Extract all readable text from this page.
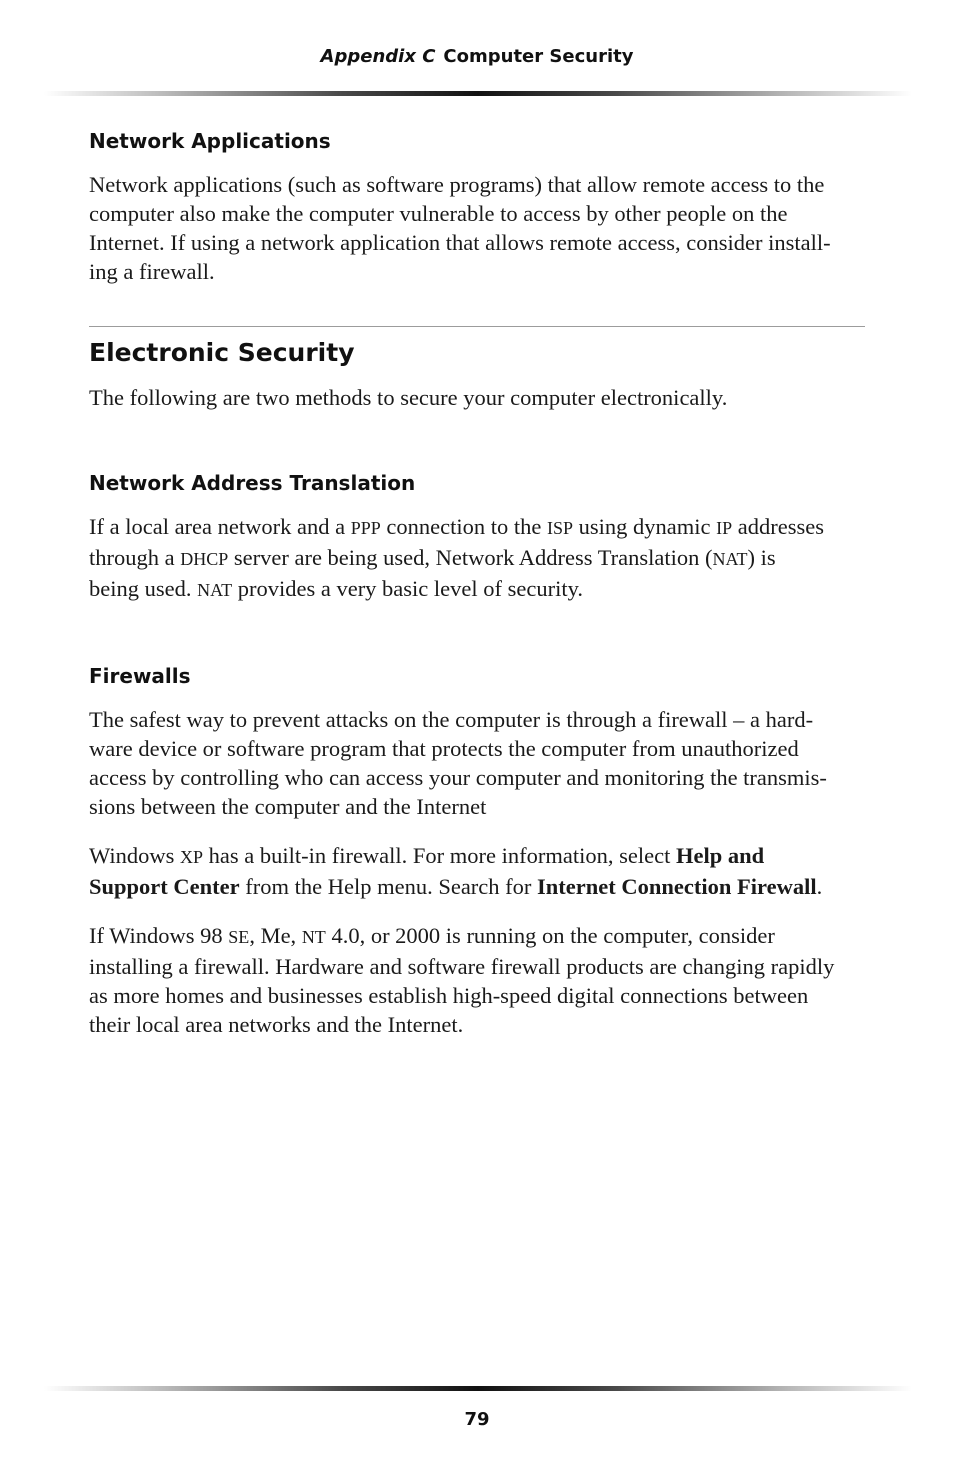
Appendix C Computer Security
Network Applications

Network applications (such as software programs) that allow remote access to the
computer also make the computer vulnerable to access by other people on the
Internet. If using a network application that allows remote access, consider install-
ing a firewall.

Electronic Security

The following are two methods to secure your computer electronically.

Network Address Translation

If a local area network and a PPP connection to the ISP using dynamic IP addresses
through a DHCP server are being used, Network Address Translation (NAT) is
being used. NAT provides a very basic level of security.

Firewalls

The safest way to prevent attacks on the computer is through a firewall – a hard-
ware device or software program that protects the computer from unauthorized
access by controlling who can access your computer and monitoring the transmis-
sions between the computer and the Internet

Windows XP has a built-in firewall. For more information, select Help and
Support Center from the Help menu. Search for Internet Connection Firewall.

If Windows 98 SE, Me, NT 4.0, or 2000 is running on the computer, consider
installing a firewall. Hardware and software firewall products are changing rapidly
as more homes and businesses establish high-speed digital connections between
their local area networks and the Internet.

79
